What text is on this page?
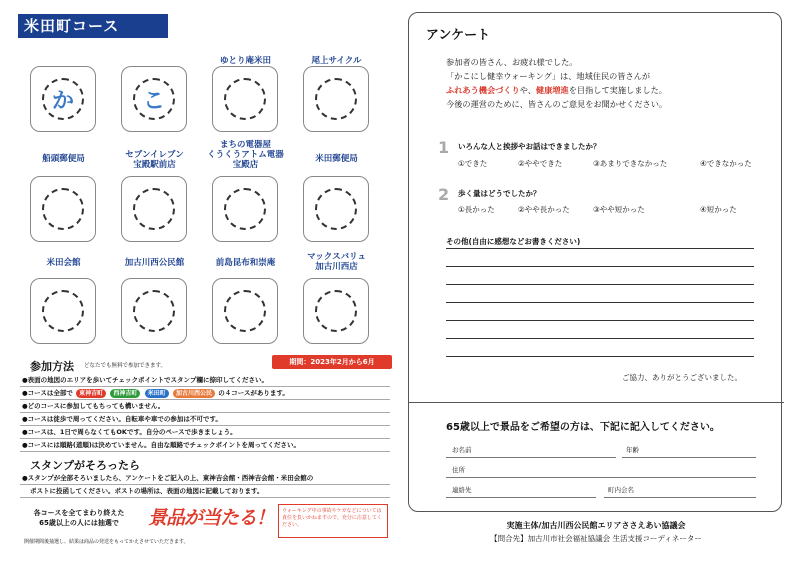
米田町コース
か	こ
ゆとり庵米田	尾上サイクル
船頭郵便局	セブンイレブン
宝殿駅前店
まちの電器屋
くうくうアトム電器
宝殿店
米田郵便局
米田会館	加古川西公民館	前島昆布和崇庵
マックスバリュ
加古川西店
参加方法 どなたでも無料で参加できます。	期間：2023年2月から6月
●表面の地図のエリアを歩いてチェックポイントでスタンプ欄に捺印してください。
●コースは全部で 東神吉町 西神吉町 米田町 加古川西公民 の４コースがあります。
●どのコースに参加してもちっても構いません。
●コースは徒歩で周ってください。自転車や車での参加は不可です。
●コースは、1日で周らなくてもOKです。自分のペースで歩きましょう。
●コースには順路(道順)は決めていません。自由な順路でチェックポイントを周ってください。
スタンプがそろったら
●スタンプが全部そろいましたら、アンケートをご記入の上、東神吉会館・西神吉会館・米田会館の
ポストに投函してください。ポストの場所は、表面の地図に記載しております。
各コースを全てまわり終えた
65歳以上の人には抽選で	景品が当たる！	ウォーキング中の事故やケガなどについては責任を負いかねますので、充分に注意してください。
開催期間後抽選し、結果は商品の発送をもってかえさせていただきます。
アンケート
参加者の皆さん、お疲れ様でした。
「かこにし健幸ウォーキング」は、地域住民の皆さんが
ふれあう機会づくりや、健康増進を目指して実施しました。
今後の運営のために、皆さんのご意見をお聞かせください。
1 いろんな人と挨拶やお話はできましたか？
①できた	②ややできた	③あまりできなかった	④できなかった
2 歩く量はどうでしたか？
①長かった	②やや長かった	③やや短かった	④短かった
その他(自由に感想などお書きください)
ご協力、ありがとうございました。
65歳以上で景品をご希望の方は、下記に記入してください。
お名前	年齢
住所
連絡先	町内会名
実施主体/加古川西公民館エリアささえあい協議会
【問合先】加古川市社会福祉協議会 生活支援コーディネーター
